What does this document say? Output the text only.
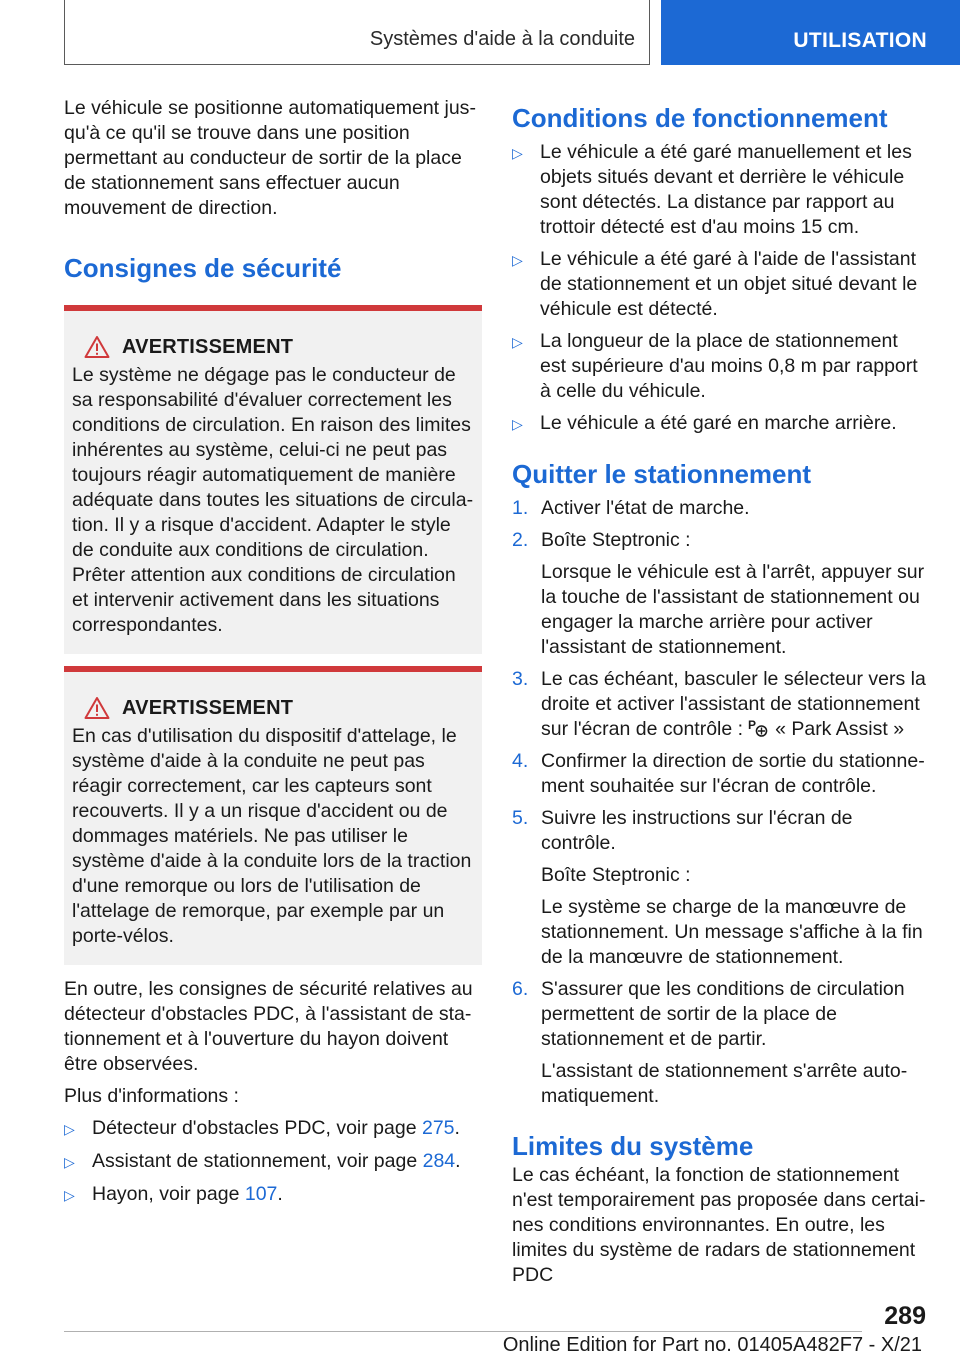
Systèmes d'aide à la conduite	UTILISATION

Le véhicule se positionne automatiquement jusqu'à ce qu'il se trouve dans une position permettant au conducteur de sortir de la place de stationnement sans effectuer aucun mouvement de direction.

Consignes de sécurité
AVERTISSEMENT

Le système ne dégage pas le conducteur de sa responsabilité d'évaluer correctement les conditions de circulation. En raison des limites inhérentes au système, celui-ci ne peut pas toujours réagir automatiquement de manière adéquate dans toutes les situations de circulation. Il y a risque d'accident. Adapter le style de conduite aux conditions de circulation. Prêter attention aux conditions de circulation et intervenir activement dans les situations correspondantes.

AVERTISSEMENT

En cas d'utilisation du dispositif d'attelage, le système d'aide à la conduite ne peut pas réagir correctement, car les capteurs sont recouverts. Il y a un risque d'accident ou de dommages matériels. Ne pas utiliser le système d'aide à la conduite lors de la traction d'une remorque ou lors de l'utilisation de l'attelage de remorque, par exemple par un porte-vélos.

En outre, les consignes de sécurité relatives au détecteur d'obstacles PDC, à l'assistant de stationnement et à l'ouverture du hayon doivent être observées.

Plus d'informations :

▷ Détecteur d'obstacles PDC, voir page 275.
▷ Assistant de stationnement, voir page 284.
▷ Hayon, voir page 107.
Conditions de fonctionnement
▷ Le véhicule a été garé manuellement et les objets situés devant et derrière le véhicule sont détectés. La distance par rapport au trottoir détecté est d'au moins 15 cm.
▷ Le véhicule a été garé à l'aide de l'assistant de stationnement et un objet situé devant le véhicule est détecté.
▷ La longueur de la place de stationnement est supérieure d'au moins 0,8 m par rapport à celle du véhicule.
▷ Le véhicule a été garé en marche arrière.
Quitter le stationnement
1. Activer l'état de marche.

2. Boîte Steptronic :

Lorsque le véhicule est à l'arrêt, appuyer sur la touche de l'assistant de stationnement ou engager la marche arrière pour activer l'assistant de stationnement.

3. Le cas échéant, basculer le sélecteur vers la droite et activer l'assistant de stationnement sur l'écran de contrôle : P « Park Assist »

4. Confirmer la direction de sortie du stationnement souhaitée sur l'écran de contrôle.

5. Suivre les instructions sur l'écran de contrôle.

Boîte Steptronic :

Le système se charge de la manœuvre de stationnement. Un message s'affiche à la fin de la manœuvre de stationnement.

6. S'assurer que les conditions de circulation permettent de sortir de la place de stationnement et de partir.

L'assistant de stationnement s'arrête automatiquement.

Limites du système

Le cas échéant, la fonction de stationnement n'est temporairement pas proposée dans certaines conditions environnantes. En outre, les limites du système de radars de stationnement PDC

289
Online Edition for Part no. 01405A482F7 - X/21
